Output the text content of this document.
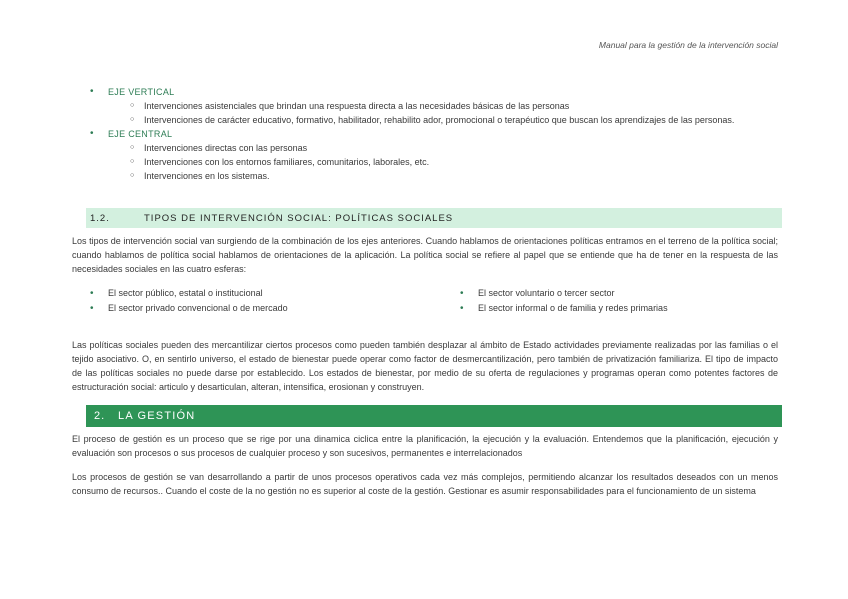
Manual para la gestión de la intervención social
• EJE VERTICAL
○ Intervenciones asistenciales que brindan una respuesta directa a las necesidades básicas de las personas
○ Intervenciones de carácter educativo, formativo, habilitador, rehabilito ador, promocional o terapéutico que buscan los aprendizajes de las personas.
• EJE CENTRAL
○ Intervenciones directas con las personas
○ Intervenciones con los entornos familiares, comunitarios, laborales, etc.
○ Intervenciones en los sistemas.
1.2.	TIPOS DE INTERVENCIÓN SOCIAL: POLÍTICAS SOCIALES

Los tipos de intervención social van surgiendo de la combinación de los ejes anteriores. Cuando hablamos de orientaciones políticas entramos en el terreno de la política social; cuando hablamos de política social hablamos de orientaciones de la aplicación. La política social se refiere al papel que se entiende que ha de tener en la respuesta de las necesidades sociales en las cuatro esferas:

• El sector público, estatal o institucional
• El sector privado convencional o de mercado
• El sector voluntario o tercer sector
• El sector informal o de familia y redes primarias

Las políticas sociales pueden des mercantilizar ciertos procesos como pueden también desplazar al ámbito de Estado actividades previamente realizadas por las familias o el tejido asociativo. O, en sentirlo universo, el estado de bienestar puede operar como factor de desmercantilización, pero también de privatización familiariza. El tipo de impacto de las políticas sociales no puede darse por establecido. Los estados de bienestar, por medio de su oferta de regulaciones y programas operan como potentes factores de estructuración social: articulo y desarticulan, alteran, intensifica, erosionan y construyen.

2.	LA GESTIÓN

El proceso de gestión es un proceso que se rige por una dinamica ciclica entre la planificación, la ejecución y la evaluación. Entendemos que la planificación, ejecución y evaluación son procesos o sus procesos de cualquier proceso y son sucesivos, permanentes e interrelacionados

Los procesos de gestión se van desarrollando a partir de unos procesos operativos cada vez más complejos, permitiendo alcanzar los resultados deseados con un menos consumo de recursos.. Cuando el coste de la no gestión no es superior al coste de la gestión. Gestionar es asumir responsabilidades para el funcionamiento de un sistema
